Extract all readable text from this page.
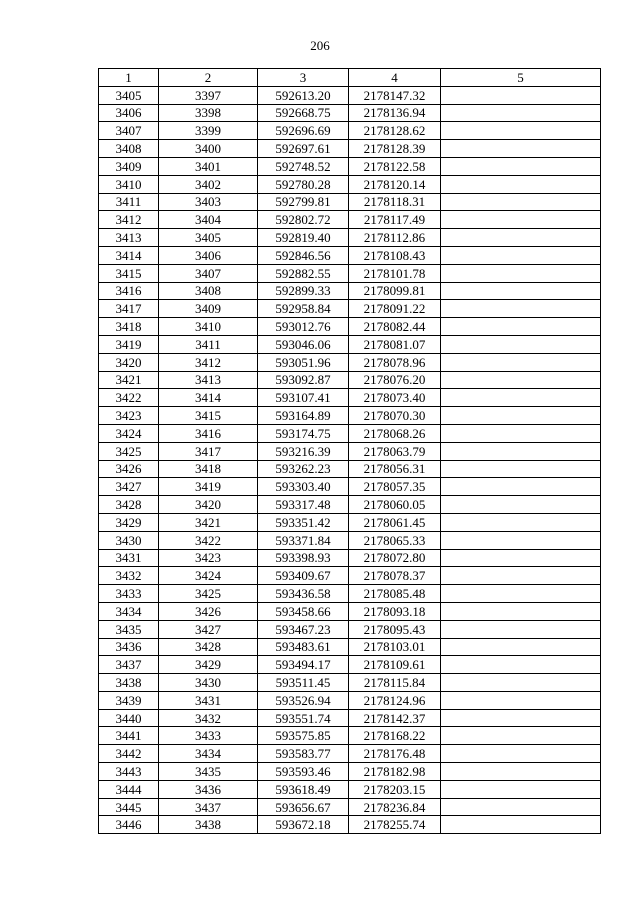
206
1	2	3	4	5
3405	3397	592613.20	2178147.32	
3406	3398	592668.75	2178136.94	
3407	3399	592696.69	2178128.62	
3408	3400	592697.61	2178128.39	
3409	3401	592748.52	2178122.58	
3410	3402	592780.28	2178120.14	
3411	3403	592799.81	2178118.31	
3412	3404	592802.72	2178117.49	
3413	3405	592819.40	2178112.86	
3414	3406	592846.56	2178108.43	
3415	3407	592882.55	2178101.78	
3416	3408	592899.33	2178099.81	
3417	3409	592958.84	2178091.22	
3418	3410	593012.76	2178082.44	
3419	3411	593046.06	2178081.07	
3420	3412	593051.96	2178078.96	
3421	3413	593092.87	2178076.20	
3422	3414	593107.41	2178073.40	
3423	3415	593164.89	2178070.30	
3424	3416	593174.75	2178068.26	
3425	3417	593216.39	2178063.79	
3426	3418	593262.23	2178056.31	
3427	3419	593303.40	2178057.35	
3428	3420	593317.48	2178060.05	
3429	3421	593351.42	2178061.45	
3430	3422	593371.84	2178065.33	
3431	3423	593398.93	2178072.80	
3432	3424	593409.67	2178078.37	
3433	3425	593436.58	2178085.48	
3434	3426	593458.66	2178093.18	
3435	3427	593467.23	2178095.43	
3436	3428	593483.61	2178103.01	
3437	3429	593494.17	2178109.61	
3438	3430	593511.45	2178115.84	
3439	3431	593526.94	2178124.96	
3440	3432	593551.74	2178142.37	
3441	3433	593575.85	2178168.22	
3442	3434	593583.77	2178176.48	
3443	3435	593593.46	2178182.98	
3444	3436	593618.49	2178203.15	
3445	3437	593656.67	2178236.84	
3446	3438	593672.18	2178255.74	
